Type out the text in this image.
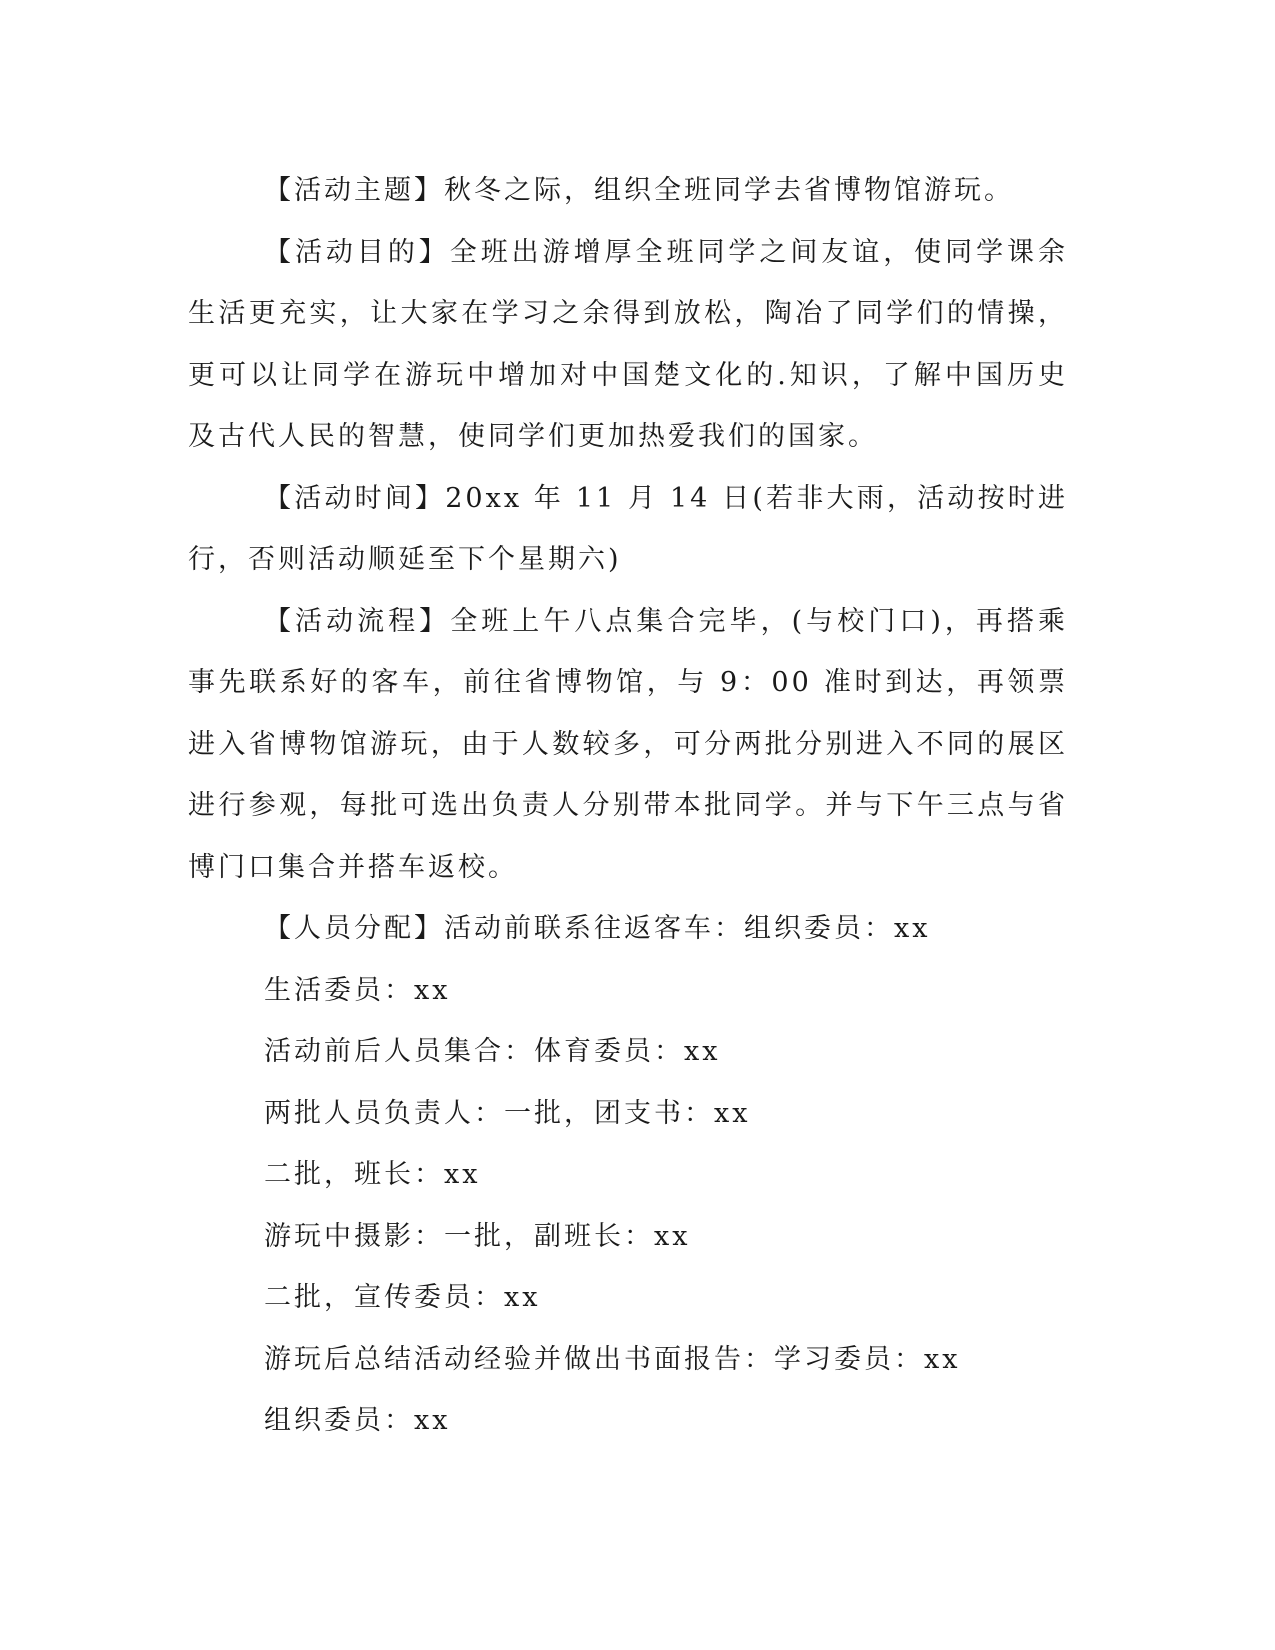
【活动主题】秋冬之际，组织全班同学去省博物馆游玩。

【活动目的】全班出游增厚全班同学之间友谊，使同学课余生活更充实，让大家在学习之余得到放松，陶冶了同学们的情操，更可以让同学在游玩中增加对中国楚文化的.知识，了解中国历史及古代人民的智慧，使同学们更加热爱我们的国家。

【活动时间】20xx 年 11 月 14 日(若非大雨，活动按时进行，否则活动顺延至下个星期六)

【活动流程】全班上午八点集合完毕，(与校门口)，再搭乘事先联系好的客车，前往省博物馆，与 9：00 准时到达，再领票进入省博物馆游玩，由于人数较多，可分两批分别进入不同的展区进行参观，每批可选出负责人分别带本批同学。并与下午三点与省博门口集合并搭车返校。

【人员分配】活动前联系往返客车：组织委员：xx

生活委员：xx

活动前后人员集合：体育委员：xx

两批人员负责人：一批，团支书：xx

二批，班长：xx

游玩中摄影：一批，副班长：xx

二批，宣传委员：xx

游玩后总结活动经验并做出书面报告：学习委员：xx

组织委员：xx
